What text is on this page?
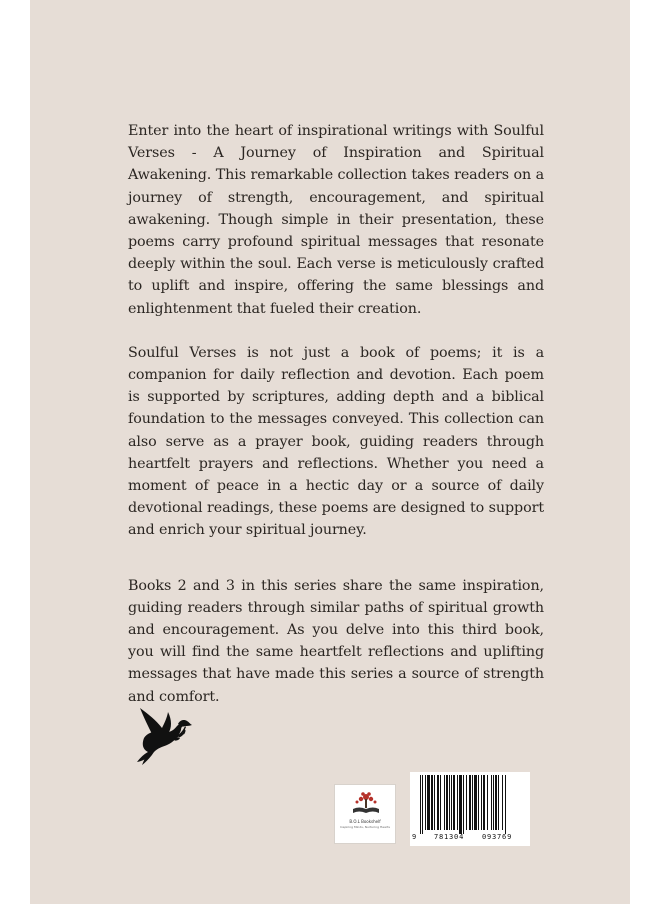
Enter into the heart of inspirational writings with Soulful Verses - A Journey of Inspiration and Spiritual Awakening. This remarkable collection takes readers on a journey of strength, encouragement, and spiritual awakening. Though simple in their presentation, these poems carry profound spiritual messages that resonate deeply within the soul. Each verse is meticulously crafted to uplift and inspire, offering the same blessings and enlightenment that fueled their creation.

Soulful Verses is not just a book of poems; it is a companion for daily reflection and devotion. Each poem is supported by scriptures, adding depth and a biblical foundation to the messages conveyed. This collection can also serve as a prayer book, guiding readers through heartfelt prayers and reflections. Whether you need a moment of peace in a hectic day or a source of daily devotional readings, these poems are designed to support and enrich your spiritual journey.

Books 2 and 3 in this series share the same inspiration, guiding readers through similar paths of spiritual growth and encouragement. As you delve into this third book, you will find the same heartfelt reflections and uplifting messages that have made this series a source of strength and comfort.

B.O.L Bookshelf
Inspiring Minds, Nurturing Hearts
9	781304	093769
